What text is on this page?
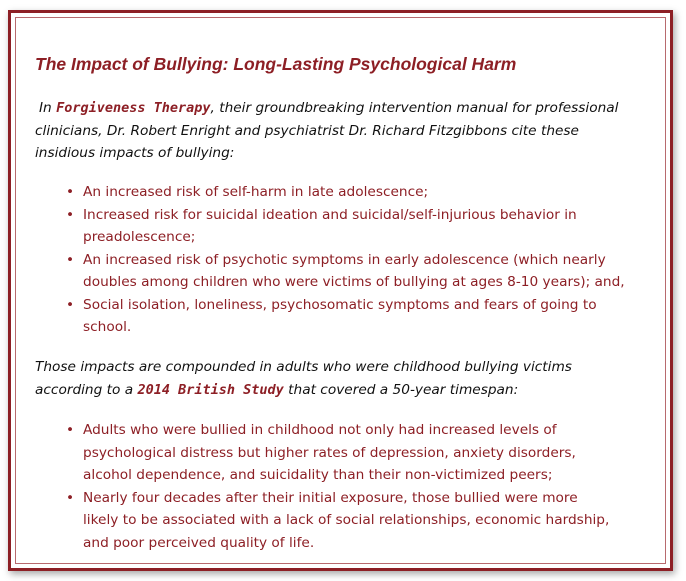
The Impact of Bullying: Long-Lasting Psychological Harm
In Forgiveness Therapy, their groundbreaking intervention manual for professional
clinicians, Dr. Robert Enright and psychiatrist Dr. Richard Fitzgibbons cite these
insidious impacts of bullying:
• An increased risk of self-harm in late adolescence;
• Increased risk for suicidal ideation and suicidal/self-injurious behavior in
preadolescence;
• An increased risk of psychotic symptoms in early adolescence (which nearly
doubles among children who were victims of bullying at ages 8-10 years); and,
• Social isolation, loneliness, psychosomatic symptoms and fears of going to
school.
Those impacts are compounded in adults who were childhood bullying victims
according to a 2014 British Study that covered a 50-year timespan:
• Adults who were bullied in childhood not only had increased levels of
psychological distress but higher rates of depression, anxiety disorders,
alcohol dependence, and suicidality than their non-victimized peers;
• Nearly four decades after their initial exposure, those bullied were more
likely to be associated with a lack of social relationships, economic hardship,
and poor perceived quality of life.
